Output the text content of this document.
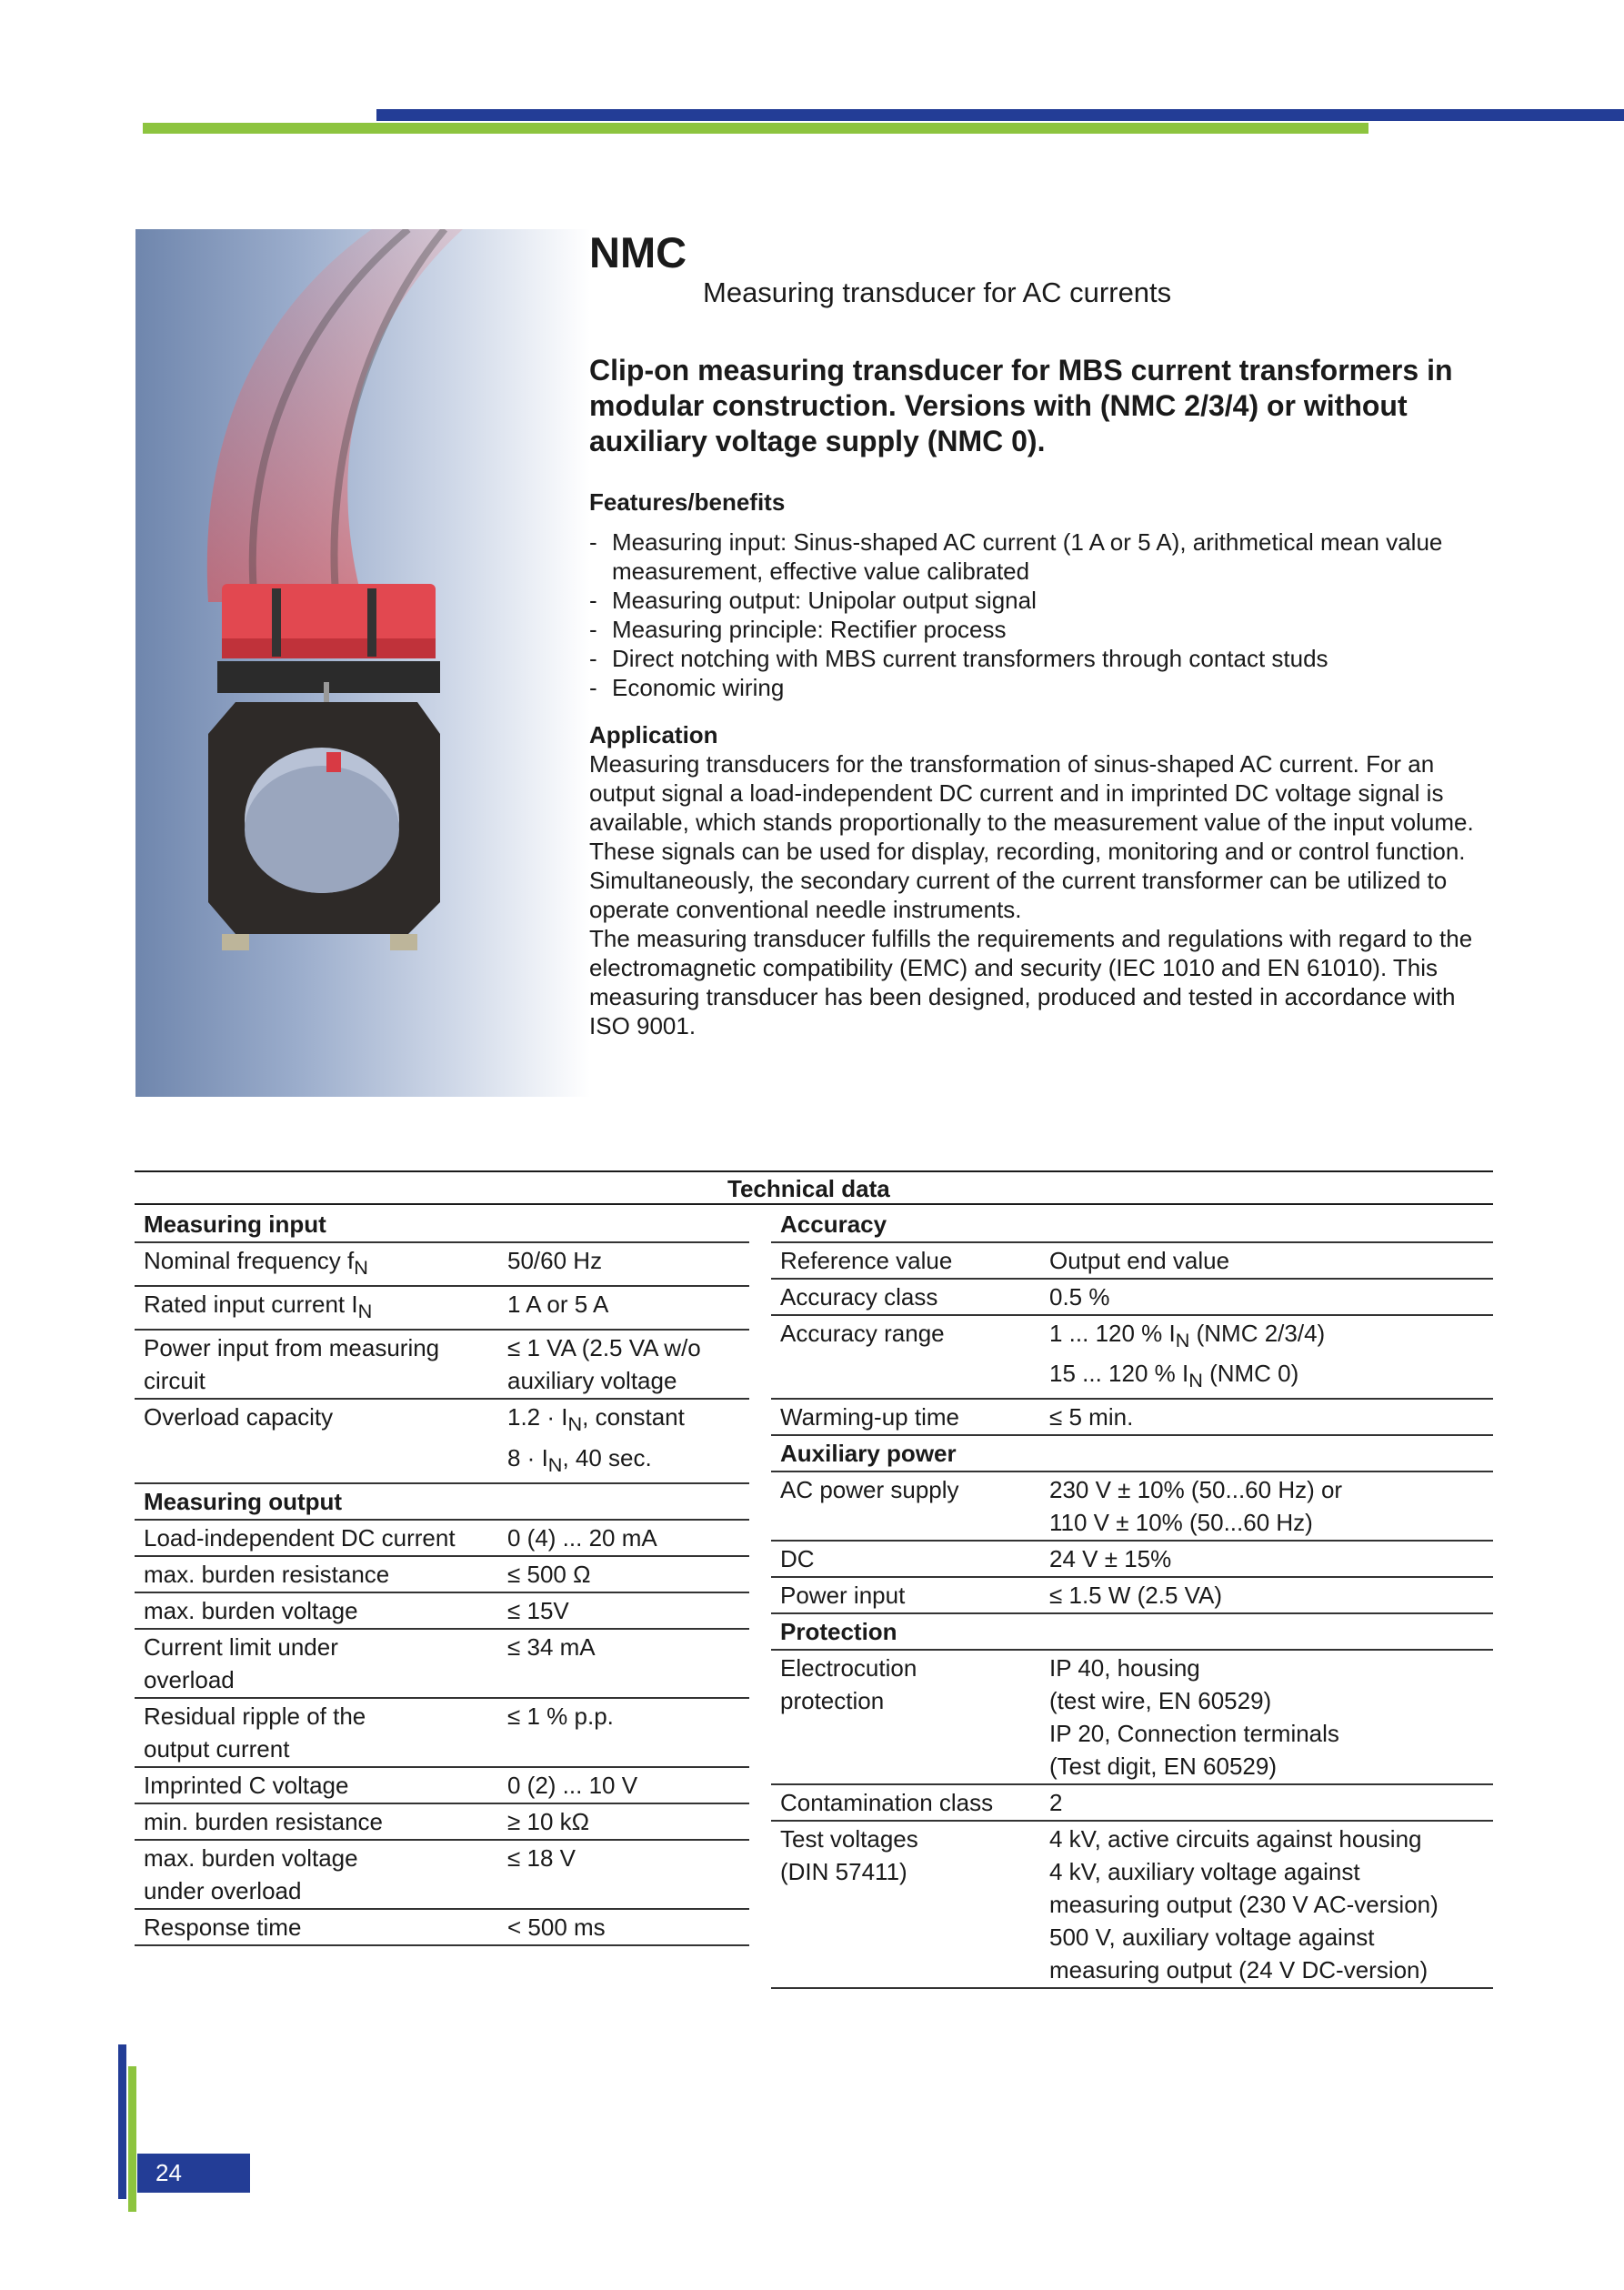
NMC
Measuring transducer for AC currents
Clip-on measuring transducer for MBS current transformers in modular construction. Versions with (NMC 2/3/4) or without auxiliary voltage supply (NMC 0).
Features/benefits
- Measuring input: Sinus-shaped AC current (1 A or 5 A), arithmetical mean value measurement, effective value calibrated
- Measuring output: Unipolar output signal
- Measuring principle: Rectifier process
- Direct notching with MBS current transformers through contact studs
- Economic wiring
Application

Measuring transducers for the transformation of sinus-shaped AC current. For an output signal a load-independent DC current and in imprinted DC voltage signal is available, which stands proportionally to the measurement value of the input volume.

These signals can be used for display, recording, monitoring and or control function. Simultaneously, the secondary current of the current transformer can be utilized to operate conventional needle instruments.

The measuring transducer fulfills the requirements and regulations with regard to the electromagnetic compatibility (EMC) and security (IEC 1010 and EN 61010). This measuring transducer has been designed, produced and tested in accordance with ISO 9001.

Technical data
Measuring input	
Nominal frequency $f_N$	50/60 Hz
Rated input current $I_N$	1 A or 5 A

Power input from measuring
circuit	≤ 1 VA (2.5 VA w/o
auxiliary voltage

Overload capacity	$1.2 \cdot I_N$, constant
$8 \cdot I_N$, 40 sec.

Measuring output	
Load-independent DC current	0 (4) ... 20 mA
max. burden resistance	≤ 500 Ω
max. burden voltage	≤ 15V

Current limit under
overload	≤ 34 mA

Residual ripple of the
output current	≤ 1 % p.p.
Imprinted C voltage	0 (2) ... 10 V
min. burden resistance	≥ 10 kΩ

max. burden voltage
under overload	≤ 18 V
Response time	< 500 ms
Accuracy	
Reference value	Output end value
Accuracy class	0.5 %
Accuracy range	1 ... 120 % $I_N$ (NMC 2/3/4)
15 ... 120 % $I_N$ (NMC 0)

Warming-up time	≤ 5 min.
Auxiliary power	
AC power supply	230 V ± 10% (50...60 Hz) or
110 V ± 10% (50...60 Hz)

DC	24 V ± 15%
Power input	≤ 1.5 W (2.5 VA)
Protection	

Electrocution
protection	IP 40, housing
(test wire, EN 60529)
IP 20, Connection terminals
(Test digit, EN 60529)

Contamination class	2

Test voltages
(DIN 57411)	4 kV, active circuits against housing
4 kV, auxiliary voltage against
measuring output (230 V AC-version)
500 V, auxiliary voltage against
measuring output (24 V DC-version)
24
